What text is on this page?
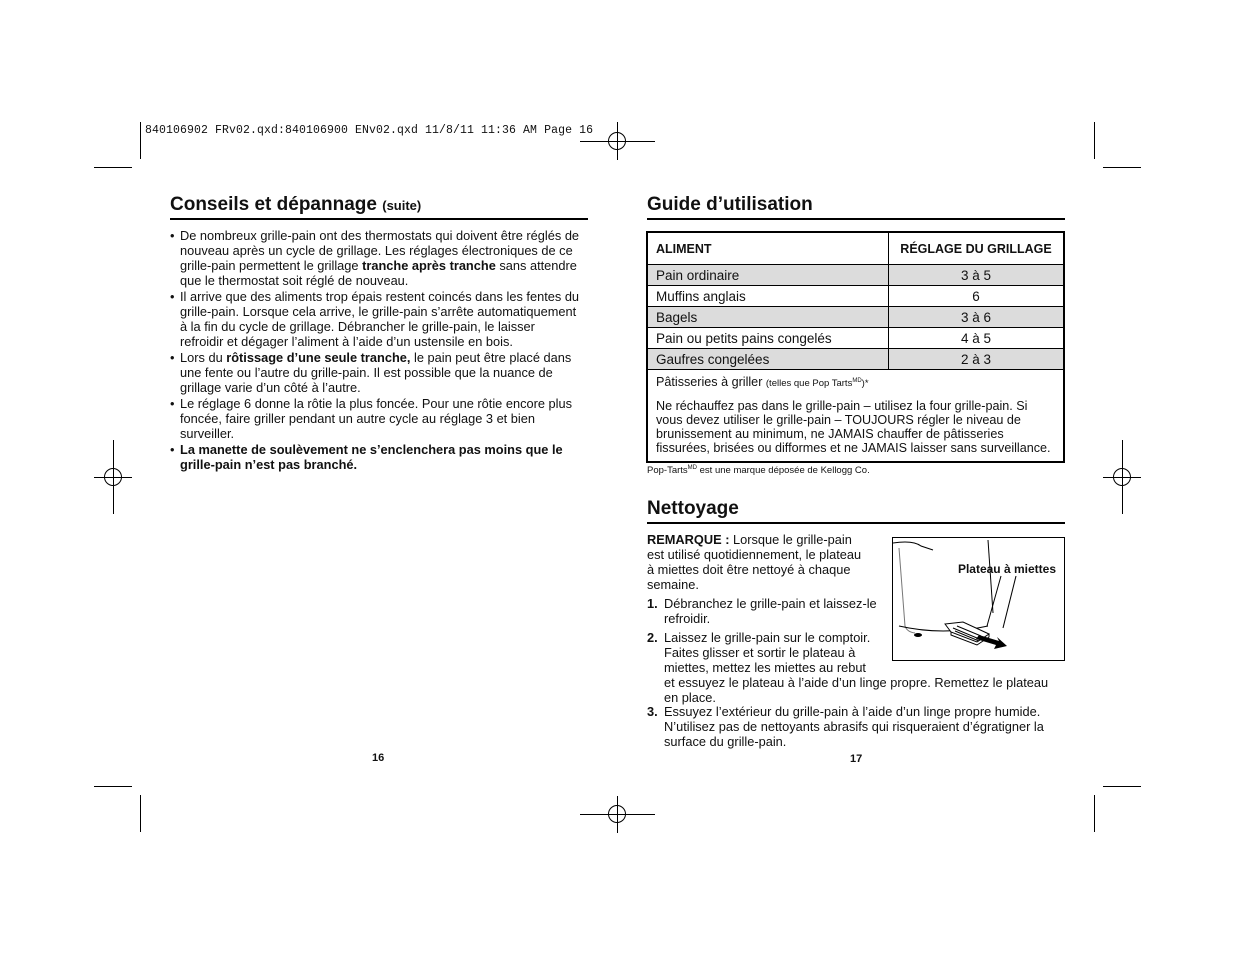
840106902 FRv02.qxd:840106900 ENv02.qxd 11/8/11 11:36 AM Page 16
Conseils et dépannage (suite)
• De nombreux grille-pain ont des thermostats qui doivent être réglés de nouveau après un cycle de grillage. Les réglages électroniques de ce grille-pain permettent le grillage tranche après tranche sans attendre que le thermostat soit réglé de nouveau.
• Il arrive que des aliments trop épais restent coincés dans les fentes du grille-pain. Lorsque cela arrive, le grille-pain s’arrête automatiquement à la fin du cycle de grillage. Débrancher le grille-pain, le laisser refroidir et dégager l’aliment à l’aide d’un ustensile en bois.
• Lors du rôtissage d’une seule tranche, le pain peut être placé dans une fente ou l’autre du grille-pain. Il est possible que la nuance de grillage varie d’un côté à l’autre.
• Le réglage 6 donne la rôtie la plus foncée. Pour une rôtie encore plus foncée, faire griller pendant un autre cycle au réglage 3 et bien surveiller.
• La manette de soulèvement ne s’enclenchera pas moins que le grille-pain n’est pas branché.
16
Guide d’utilisation
ALIMENT	RÉGLAGE DU GRILLAGE
Pain ordinaire	3 à 5
Muffins anglais	6
Bagels	3 à 6
Pain ou petits pains congelés	4 à 5
Gaufres congelées	2 à 3
Pâtisseries à griller (telles que Pop Tarts$^{MD}$)*

Ne réchauffez pas dans le grille-pain – utilisez la four grille-pain. Si vous devez utiliser le grille-pain – TOUJOURS régler le niveau de brunissement au minimum, ne JAMAIS chauffer de pâtisseries fissurées, brisées ou difformes et ne JAMAIS laisser sans surveillance.	

Pop-Tarts$^{MD}$ est une marque déposée de Kellogg Co.
Nettoyage
REMARQUE : Lorsque le grille-pain est utilisé quotidiennement, le plateau à miettes doit être nettoyé à chaque semaine.
1. Débranchez le grille-pain et laissez-le refroidir.
2. Laissez le grille-pain sur le comptoir. Faites glisser et sortir le plateau à miettes, mettez les miettes au rebut
et essuyez le plateau à l’aide d’un linge propre. Remettez le plateau en place.
3. Essuyez l’extérieur du grille-pain à l’aide d’un linge propre humide. N’utilisez pas de nettoyants abrasifs qui risqueraient d’égratigner la surface du grille-pain.
Plateau à miettes
17
